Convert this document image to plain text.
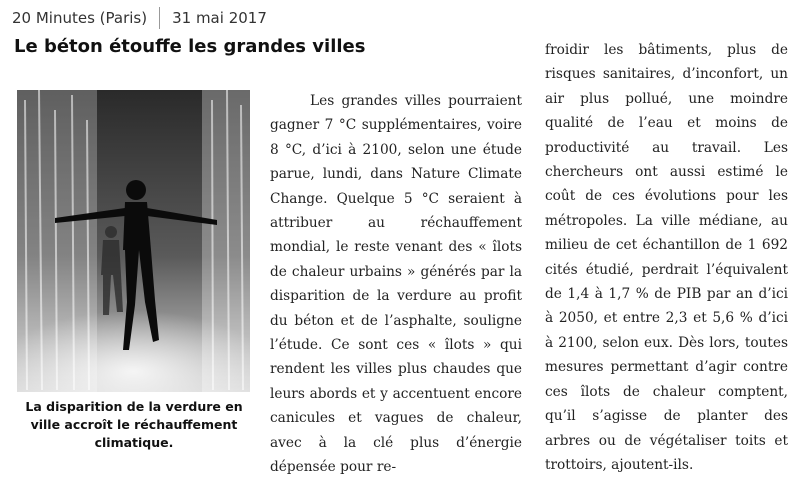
20 Minutes (Paris) 31 mai 2017
Le béton étouffe les grandes villes

La disparition de la verdure en ville accroît le réchauffement climatique.

Les grandes villes pourraient gagner 7 °C supplémentaires, voire 8 °C, d’ici à 2100, selon une étude parue, lundi, dans Nature Climate Change. Quelque 5 °C seraient à attribuer au réchauffement mondial, le reste venant des « îlots de chaleur urbains » générés par la disparition de la verdure au profit du béton et de l’asphalte, souligne l’étude. Ce sont ces « îlots » qui rendent les villes plus chaudes que leurs abords et y accentuent encore canicules et vagues de chaleur, avec à la clé plus d’énergie dépensée pour re-

froidir les bâtiments, plus de risques sanitaires, d’inconfort, un air plus pollué, une moindre qualité de l’eau et moins de productivité au travail. Les chercheurs ont aussi estimé le coût de ces évolutions pour les métropoles. La ville médiane, au milieu de cet échantillon de 1 692 cités étudié, perdrait l’équivalent de 1,4 à 1,7 % de PIB par an d’ici à 2050, et entre 2,3 et 5,6 % d’ici à 2100, selon eux. Dès lors, toutes mesures permettant d’agir contre ces îlots de chaleur comptent, qu’il s’agisse de planter des arbres ou de végétaliser toits et trottoirs, ajoutent-ils.
